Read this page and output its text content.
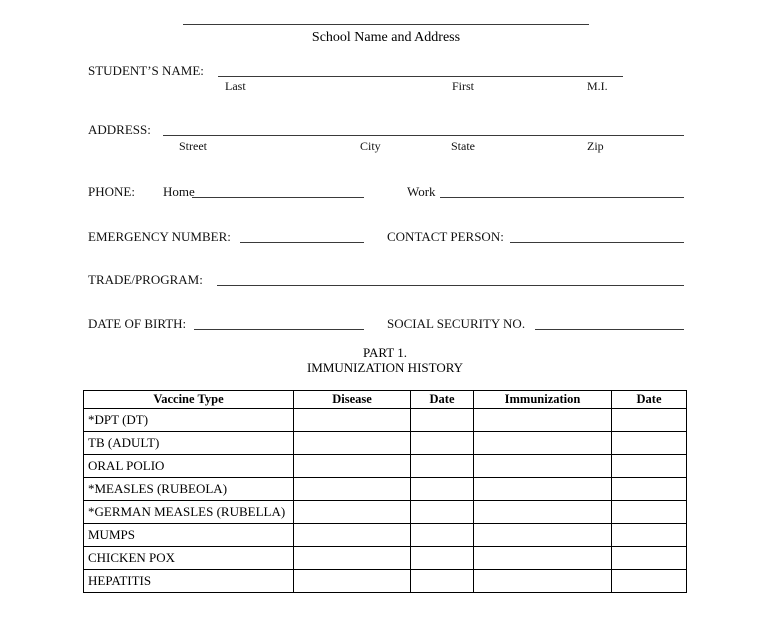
School Name and Address
STUDENT’S NAME:
Last	First	M.I.
ADDRESS:
Street	City	State	Zip
PHONE: Home	Work
EMERGENCY NUMBER:	CONTACT PERSON:
TRADE/PROGRAM:
DATE OF BIRTH:	SOCIAL SECURITY NO.
PART 1.
IMMUNIZATION HISTORY
Vaccine Type	Disease	Date	Immunization	Date
*DPT (DT)				
TB (ADULT)				
ORAL POLIO				
*MEASLES (RUBEOLA)				
*GERMAN MEASLES (RUBELLA)				
MUMPS				
CHICKEN POX				
HEPATITIS				
